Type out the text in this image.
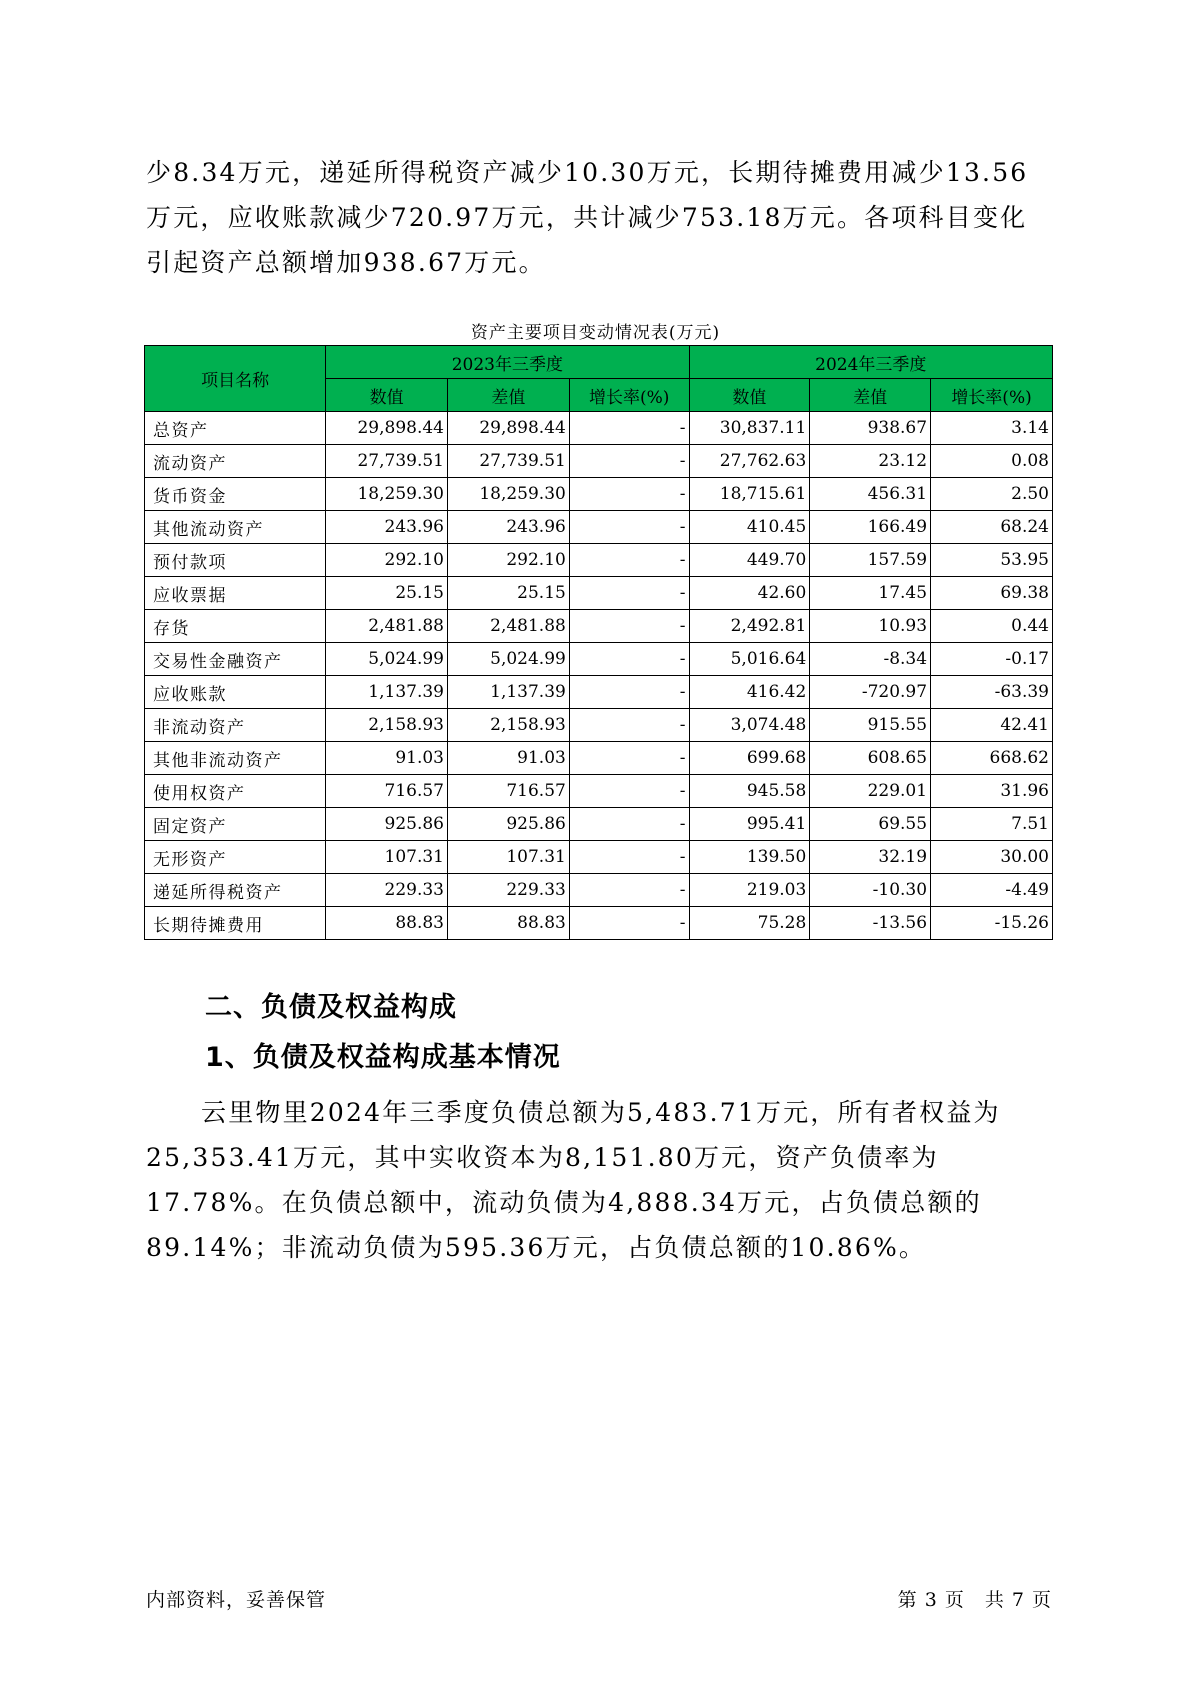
少8.34万元，递延所得税资产减少10.30万元，长期待摊费用减少13.56万元，应收账款减少720.97万元，共计减少753.18万元。各项科目变化引起资产总额增加938.67万元。

资产主要项目变动情况表(万元)

项目名称	2023年三季度			2024年三季度		
	数值	差值	增长率(%)	数值	差值	增长率(%)
总资产	29,898.44	29,898.44	-	30,837.11	938.67	3.14
流动资产	27,739.51	27,739.51	-	27,762.63	23.12	0.08
货币资金	18,259.30	18,259.30	-	18,715.61	456.31	2.50
其他流动资产	243.96	243.96	-	410.45	166.49	68.24
预付款项	292.10	292.10	-	449.70	157.59	53.95
应收票据	25.15	25.15	-	42.60	17.45	69.38
存货	2,481.88	2,481.88	-	2,492.81	10.93	0.44
交易性金融资产	5,024.99	5,024.99	-	5,016.64	-8.34	-0.17
应收账款	1,137.39	1,137.39	-	416.42	-720.97	-63.39
非流动资产	2,158.93	2,158.93	-	3,074.48	915.55	42.41
其他非流动资产	91.03	91.03	-	699.68	608.65	668.62
使用权资产	716.57	716.57	-	945.58	229.01	31.96
固定资产	925.86	925.86	-	995.41	69.55	7.51
无形资产	107.31	107.31	-	139.50	32.19	30.00
递延所得税资产	229.33	229.33	-	219.03	-10.30	-4.49
长期待摊费用	88.83	88.83	-	75.28	-13.56	-15.26
二、负债及权益构成
1、负债及权益构成基本情况

云里物里2024年三季度负债总额为5,483.71万元，所有者权益为25,353.41万元，其中实收资本为8,151.80万元，资产负债率为17.78%。在负债总额中，流动负债为4,888.34万元，占负债总额的89.14%；非流动负债为595.36万元，占负债总额的10.86%。

内部资料，妥善保管	第 3 页　共 7 页
